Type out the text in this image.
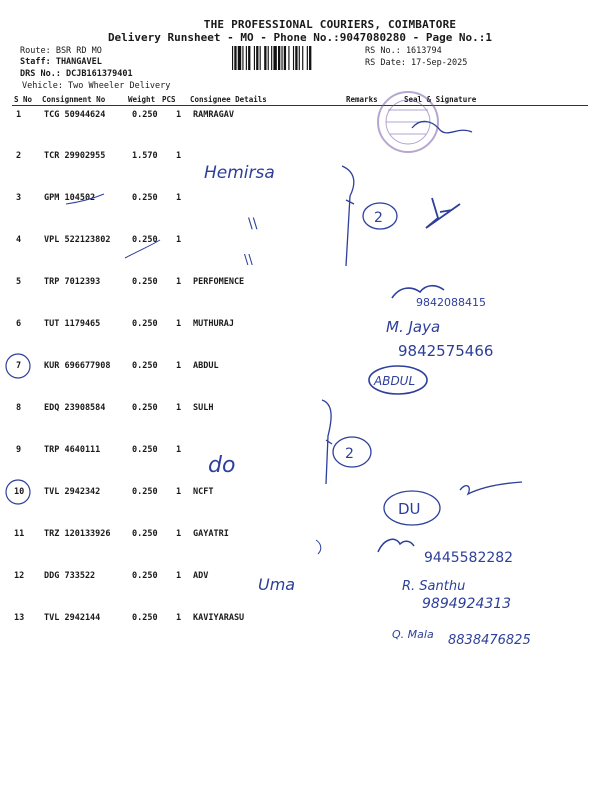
THE PROFESSIONAL COURIERS, COIMBATORE
Delivery Runsheet - MO - Phone No.:9047080280 - Page No.:1
Route: BSR RD MO
Staff: THANGAVEL
DRS No.: DCJB161379401
Vehicle: Two Wheeler Delivery
RS No.: 1613794
RS Date: 17-Sep-2025
S No Consignment No	Weight PCS Consignee Details	Remarks	Seal & Signature
1	TCG 50944624	0.250 1 RAMRAGAV
2	TCR 29902955	1.570 1
3	GPM 104502	0.250 1
4	VPL 522123802	0.250 1
5	TRP 7012393	0.250 1 PERFOMENCE
6	TUT 1179465	0.250 1 MUTHURAJ
7	KUR 696677908	0.250 1 ABDUL
8	EDQ 23908584	0.250 1 SULH
9	TRP 4640111	0.250 1
10 TVL 2942342	0.250 1 NCFT
11 TRZ 120133926	0.250 1 GAYATRI
12 DDG 733522	0.250 1 ADV
13 TVL 2942144	0.250 1 KAVIYARASU
Hemirsa
\\
\\
2
9842088415
M. Jaya
9842575466
ABDUL
2
do
DU
9445582282
Uma	R. Santhu
9894924313
Q. Mala 8838476825
